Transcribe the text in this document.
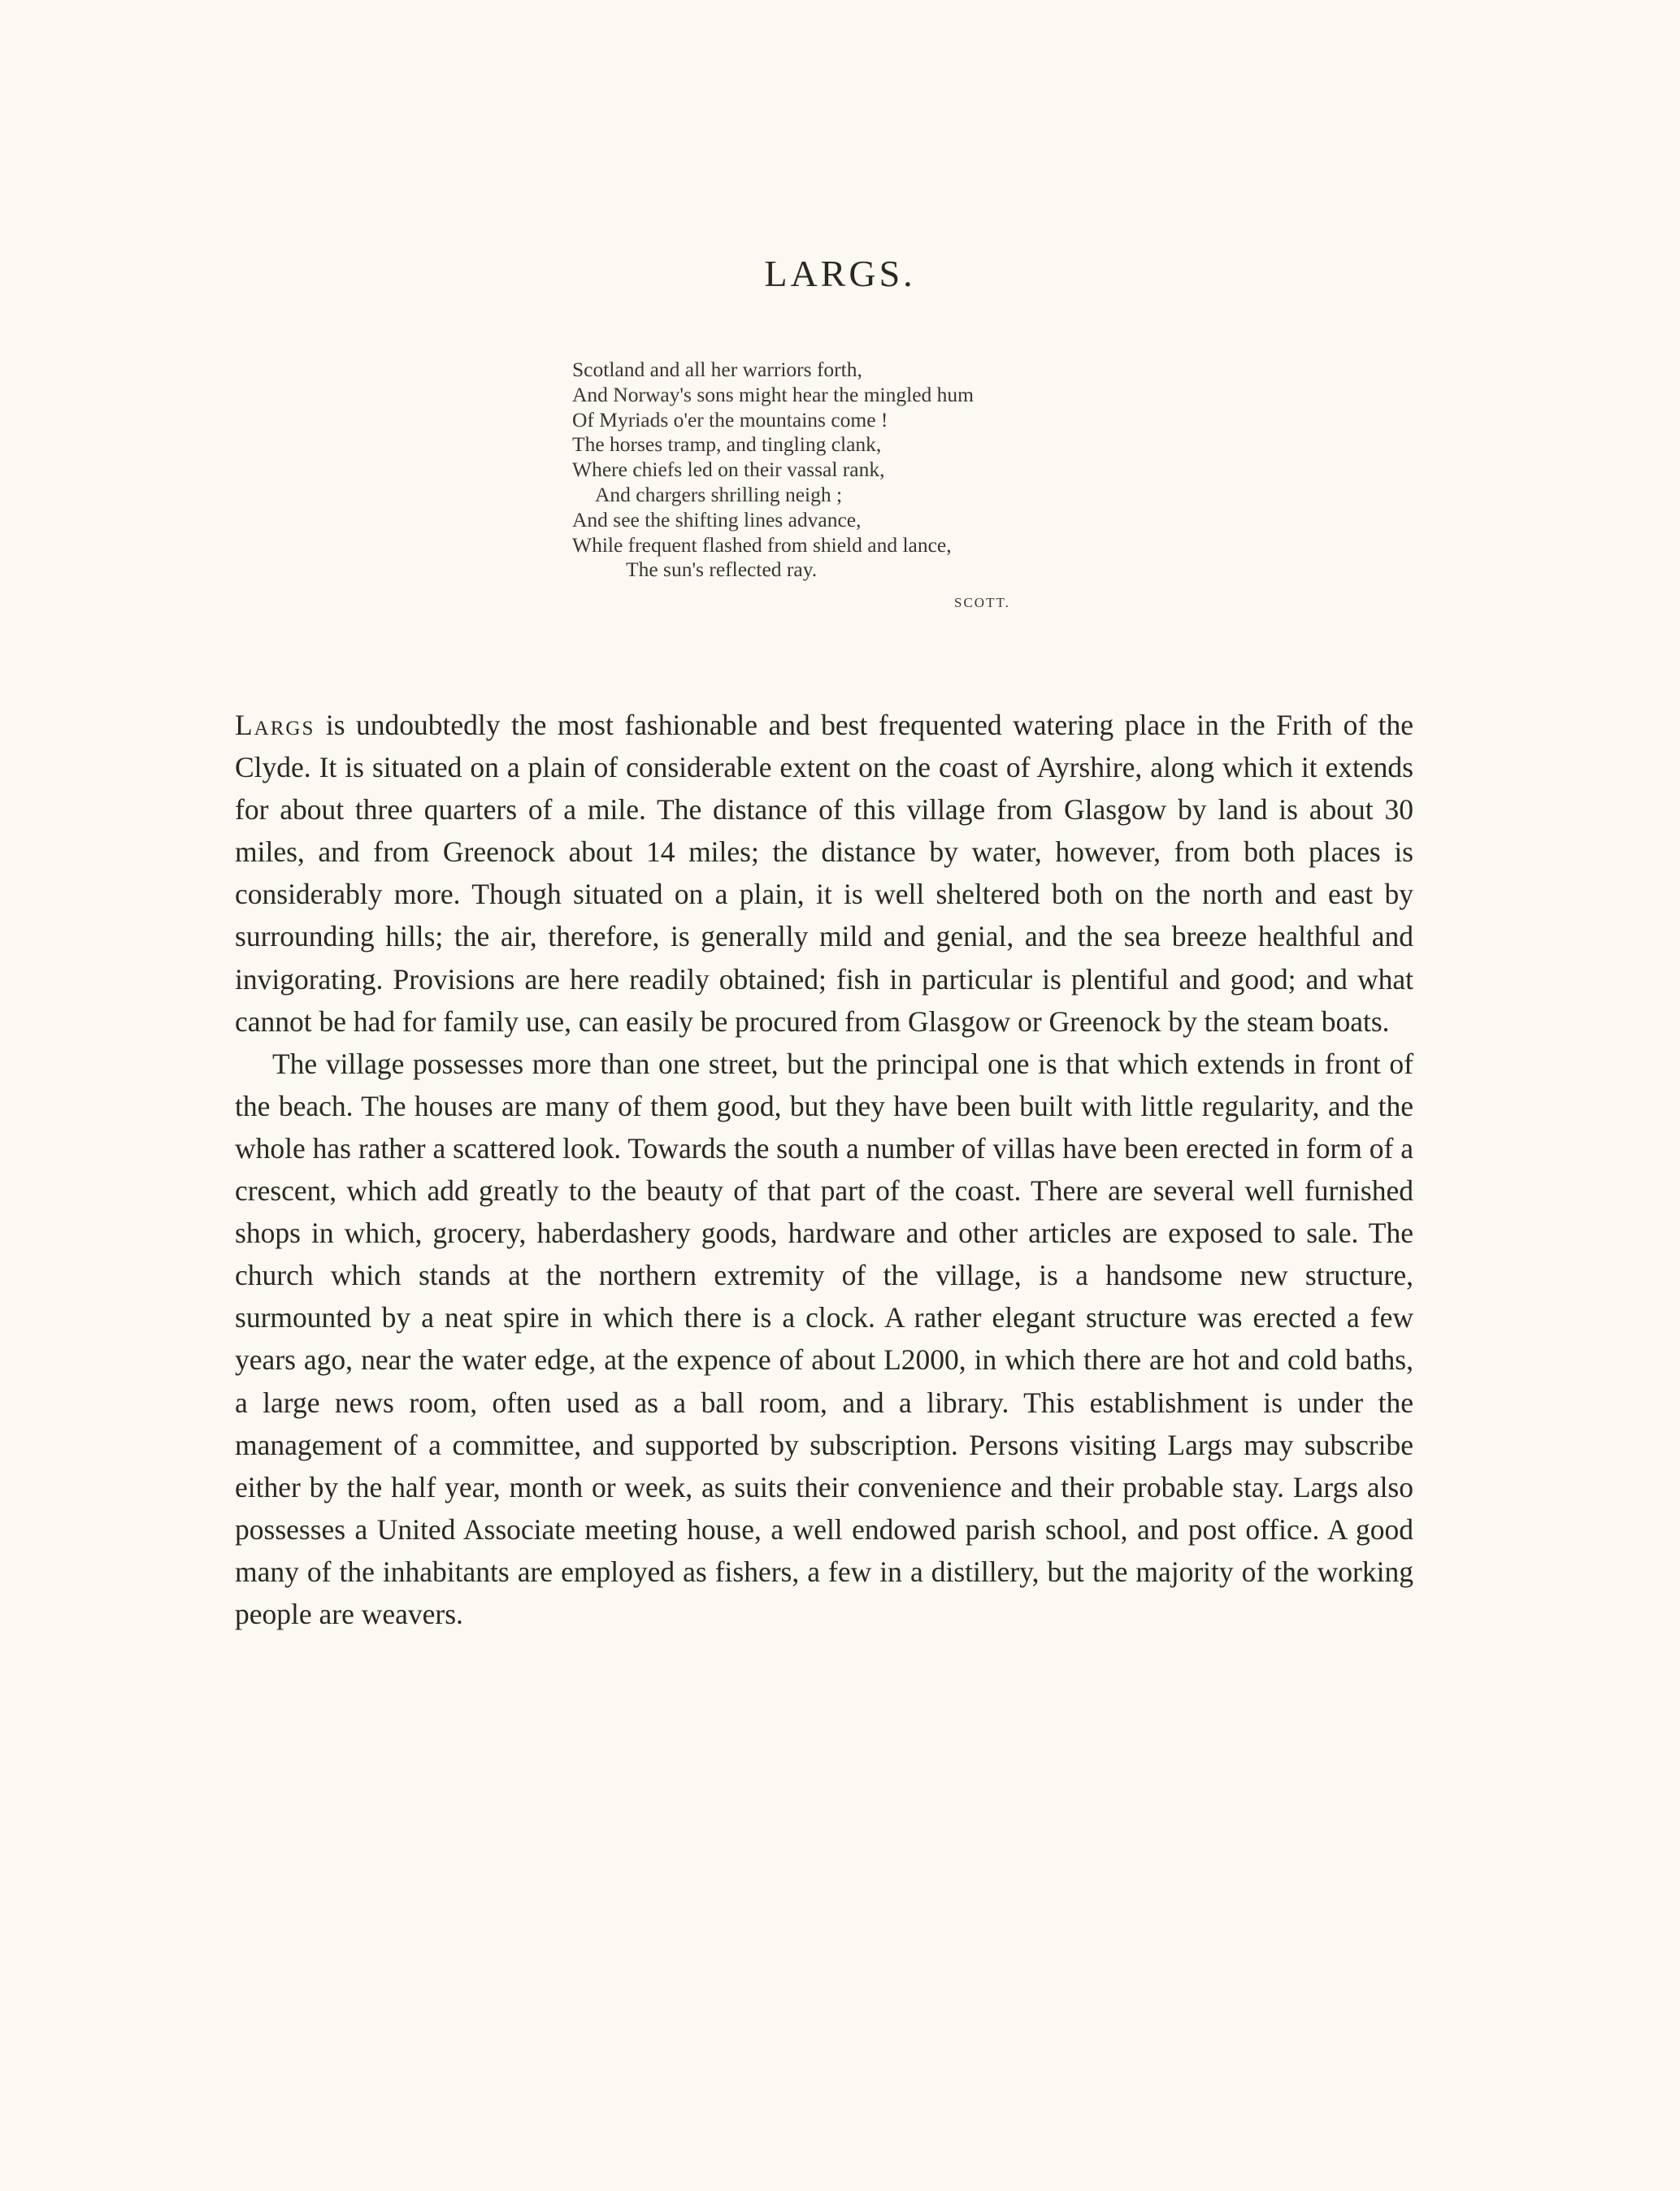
LARGS.
Scotland and all her warriors forth,
And Norway's sons might hear the mingled hum
Of Myriads o'er the mountains come !
The horses tramp, and tingling clank,
Where chiefs led on their vassal rank,
And chargers shrilling neigh ;
And see the shifting lines advance,
While frequent flashed from shield and lance,
The sun's reflected ray.
SCOTT.

Largs is undoubtedly the most fashionable and best frequented watering place in the Frith of the Clyde. It is situated on a plain of considerable extent on the coast of Ayrshire, along which it extends for about three quarters of a mile. The distance of this village from Glasgow by land is about 30 miles, and from Greenock about 14 miles; the distance by water, however, from both places is considerably more. Though situated on a plain, it is well sheltered both on the north and east by surrounding hills; the air, therefore, is generally mild and genial, and the sea breeze healthful and invigorating. Provisions are here readily obtained; fish in particular is plentiful and good; and what cannot be had for family use, can easily be procured from Glasgow or Greenock by the steam boats.

The village possesses more than one street, but the principal one is that which extends in front of the beach. The houses are many of them good, but they have been built with little regularity, and the whole has rather a scattered look. Towards the south a number of villas have been erected in form of a crescent, which add greatly to the beauty of that part of the coast. There are several well furnished shops in which, grocery, haberdashery goods, hardware and other articles are exposed to sale. The church which stands at the northern extremity of the village, is a handsome new structure, surmounted by a neat spire in which there is a clock. A rather elegant structure was erected a few years ago, near the water edge, at the expence of about L2000, in which there are hot and cold baths, a large news room, often used as a ball room, and a library. This establishment is under the management of a committee, and supported by subscription. Persons visiting Largs may subscribe either by the half year, month or week, as suits their convenience and their probable stay. Largs also possesses a United Associate meeting house, a well endowed parish school, and post office. A good many of the inhabitants are employed as fishers, a few in a distillery, but the majority of the working people are weavers.
